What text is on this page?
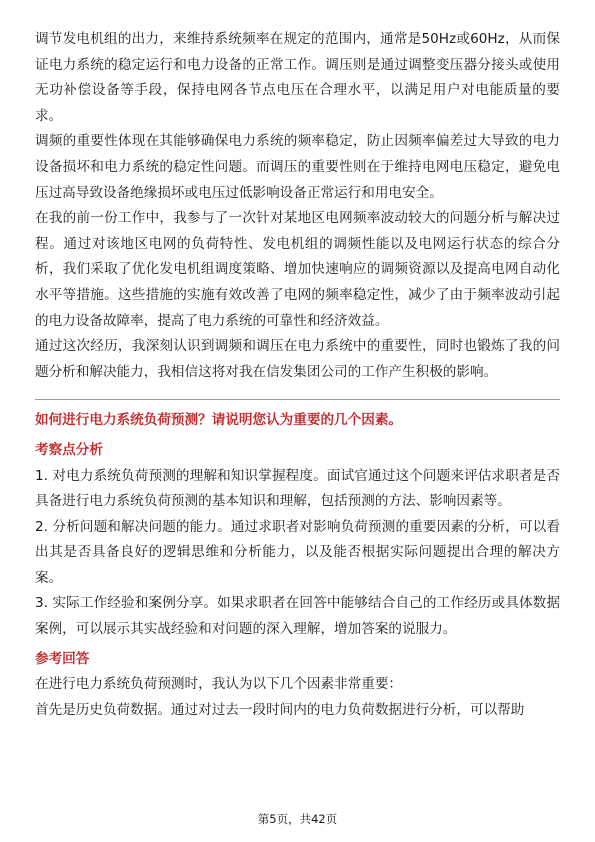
调节发电机组的出力，来维持系统频率在规定的范围内，通常是50Hz或60Hz，从而保证电力系统的稳定运行和电力设备的正常工作。调压则是通过调整变压器分接头或使用无功补偿设备等手段，保持电网各节点电压在合理水平，以满足用户对电能质量的要求。

调频的重要性体现在其能够确保电力系统的频率稳定，防止因频率偏差过大导致的电力设备损坏和电力系统的稳定性问题。而调压的重要性则在于维持电网电压稳定，避免电压过高导致设备绝缘损坏或电压过低影响设备正常运行和用电安全。

在我的前一份工作中，我参与了一次针对某地区电网频率波动较大的问题分析与解决过程。通过对该地区电网的负荷特性、发电机组的调频性能以及电网运行状态的综合分析，我们采取了优化发电机组调度策略、增加快速响应的调频资源以及提高电网自动化水平等措施。这些措施的实施有效改善了电网的频率稳定性，减少了由于频率波动引起的电力设备故障率，提高了电力系统的可靠性和经济效益。

通过这次经历，我深刻认识到调频和调压在电力系统中的重要性，同时也锻炼了我的问题分析和解决能力，我相信这将对我在信发集团公司的工作产生积极的影响。

如何进行电力系统负荷预测？请说明您认为重要的几个因素。

考察点分析

1. 对电力系统负荷预测的理解和知识掌握程度。面试官通过这个问题来评估求职者是否具备进行电力系统负荷预测的基本知识和理解，包括预测的方法、影响因素等。

2. 分析问题和解决问题的能力。通过求职者对影响负荷预测的重要因素的分析，可以看出其是否具备良好的逻辑思维和分析能力，以及能否根据实际问题提出合理的解决方案。

3. 实际工作经验和案例分享。如果求职者在回答中能够结合自己的工作经历或具体数据案例，可以展示其实战经验和对问题的深入理解，增加答案的说服力。

参考回答

在进行电力系统负荷预测时，我认为以下几个因素非常重要：

首先是历史负荷数据。通过对过去一段时间内的电力负荷数据进行分析，可以帮助

第5页，共42页
